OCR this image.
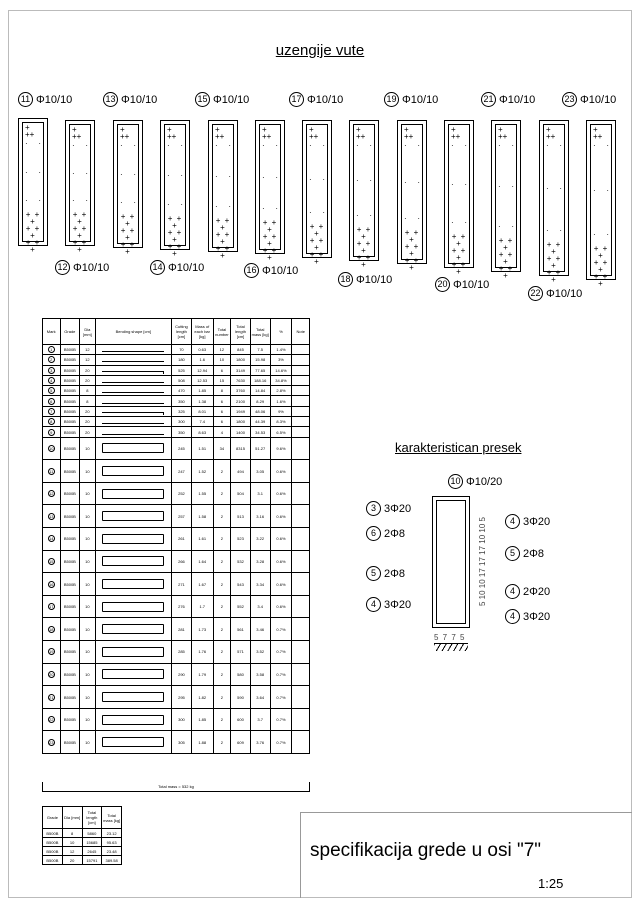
uzengije vute
11 Φ10/10	13 Φ10/10	15 Φ10/10	17 Φ10/10	19 Φ10/10	21 Φ10/10	23 Φ10/10
+ ++
· ·
· ·
· ·
+ + +
+ + +
+ + +
+ ++
· ·
· ·
· ·
+ + +
+ + +
+ + +
+ ++
· ·
· ·
· ·
+ + +
+ + +
+ + +
+ ++
· ·
· ·
· ·
+ + +
+ + +
+ + +
+ ++
· ·
· ·
· ·
+ + +
+ + +
+ + +
+ ++
· ·
· ·
· ·
+ + +
+ + +
+ + +
+ ++
· ·
· ·
· ·
+ + +
+ + +
+ + +
+ ++
· ·
· ·
· ·
+ + +
+ + +
+ + +
+ ++
· ·
· ·
· ·
+ + +
+ + +
+ + +
+ ++
· ·
· ·
· ·
+ + +
+ + +
+ + +
+ ++
· ·
· ·
· ·
+ + +
+ + +
+ + +
+ ++
· ·
· ·
· ·
+ + +
+ + +
+ + +
+ ++
· ·
· ·
· ·
+ + +
+ + +
+ + +
12 Φ10/10	14 Φ10/10	16 Φ10/10
18 Φ10/10	20 Φ10/10
22 Φ10/10
Mark	Grade	Dia [mm]	Bending shape [cm]	Cutting length [cm]	Mass of each bar [kg]	Total number	Total length [cm]	Total mass [kg]	%	Note
1	B500B	12		70	0.63	12	845	7.5	1.4%	
2	B500B	12		180	1.6	10	1800	15.98	3%	
3	B500B	20		525	12.94	6	3149	77.65	14.6%	
4	B500B	20		508	12.53	15	7630	188.16	34.8%	
5	B500B	8		470	1.85	8	3760	14.84	2.8%	
6	B500B	8		350	1.38	6	2100	8.29	1.6%	
7	B500B	20		325	8.01	6	1949	48.06	9%	
8	B500B	20		300	7.4	6	1800	44.39	8.3%	
9	B500B	20		350	8.63	4	1400	34.53	6.5%	
10	B500B	10		245	1.51	34	8315	51.27	9.6%	
11	B500B	10		247	1.52	2	494	3.05	0.6%	
12	B500B	10		252	1.55	2	504	3.1	0.6%	
13	B500B	10		257	1.58	2	513	3.16	0.6%	
14	B500B	10		261	1.61	2	523	3.22	0.6%	
15	B500B	10		266	1.64	2	532	3.28	0.6%	
16	B500B	10		271	1.67	2	543	3.34	0.6%	
17	B500B	10		276	1.7	2	552	3.4	0.6%	
18	B500B	10		281	1.73	2	561	3.46	0.7%	
19	B500B	10		285	1.76	2	571	3.52	0.7%	
20	B500B	10		290	1.79	2	580	3.58	0.7%	
21	B500B	10		295	1.82	2	590	3.64	0.7%	
22	B500B	10		300	1.85	2	600	3.7	0.7%	
23	B500B	10		305	1.88	2	609	3.76	0.7%	
Total mass = 532 kg
Grade	Dia [mm]	Total length [cm]	Total mass [kg]
B500B	8	5860	23.12
B500B	10	15685	95.63
B500B	12	2645	23.48
B500B	20	15791	389.58
karakteristican presek
10 Φ10/20
3 3Φ20
6 2Φ8
5 2Φ8
4 3Φ20	5 10 10 17 17 17 10 10 5
5 7 7 5
4 3Φ20
5 2Φ8
4 2Φ20
4 3Φ20
specifikacija grede u osi "7"
1:25
